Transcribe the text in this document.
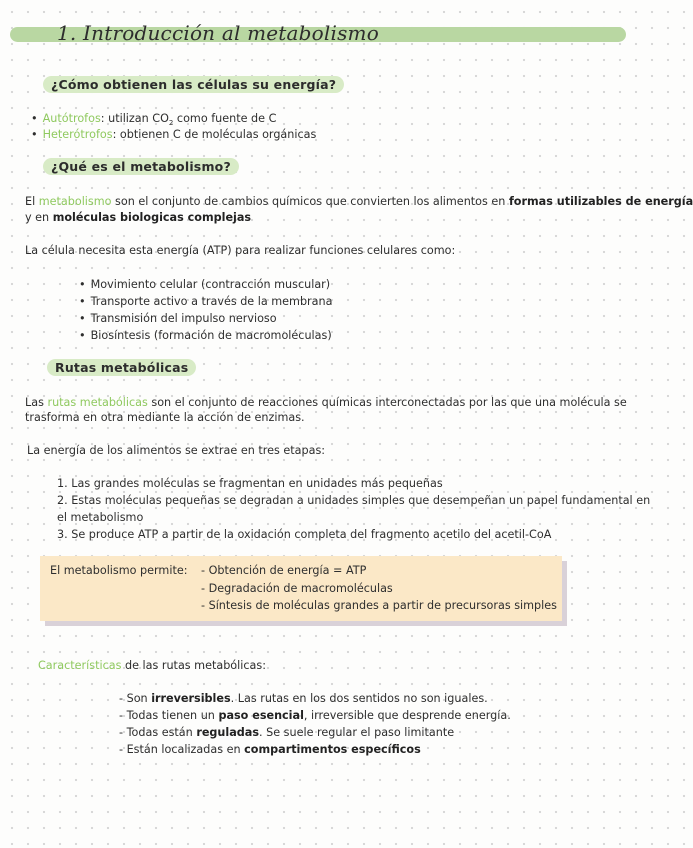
1. Introducción al metabolismo
¿Cómo obtienen las células su energía?
• Autótrofos: utilizan $CO_2$ como fuente de C
• Heterótrofos: obtienen C de moléculas orgánicas
¿Qué es el metabolismo?
El metabolismo son el conjunto de cambios químicos que convierten los alimentos en formas utilizables de energía
y en moléculas biologicas complejas
La célula necesita esta energía (ATP) para realizar funciones celulares como:
• Movimiento celular (contracción muscular)
• Transporte activo a través de la membrana
• Transmisión del impulso nervioso
• Biosíntesis (formación de macromoléculas)
Rutas metabólicas
Las rutas metabólicas son el conjunto de reacciones químicas interconectadas por las que una molécula se
trasforma en otra mediante la acción de enzimas.
La energía de los alimentos se extrae en tres etapas:
1. Las grandes moléculas se fragmentan en unidades más pequeñas
2. Estas moléculas pequeñas se degradan a unidades simples que desempeñan un papel fundamental en
el metabolismo
3. Se produce ATP a partir de la oxidación completa del fragmento acetilo del acetil-CoA
El metabolismo permite: - Obtención de energía = ATP
- Degradación de macromoléculas
- Síntesis de moléculas grandes a partir de precursoras simples
Características de las rutas metabólicas:
- Son irreversibles. Las rutas en los dos sentidos no son iguales.
- Todas tienen un paso esencial, irreversible que desprende energía.
- Todas están reguladas. Se suele regular el paso limitante
- Están localizadas en compartimentos específicos
